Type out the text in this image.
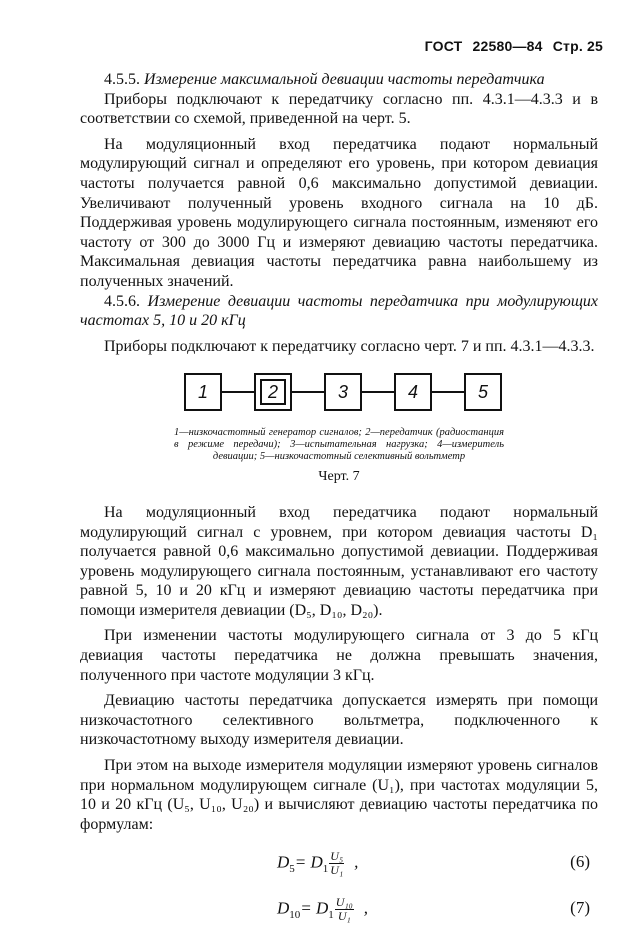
ГОСТ 22580—84 Стр. 25

4.5.5. Измерение максимальной девиации частоты передатчика

Приборы подключают к передатчику согласно пп. 4.3.1—4.3.3 и в соответствии со схемой, приведенной на черт. 5.

На модуляционный вход передатчика подают нормальный модулирующий сигнал и определяют его уровень, при котором девиация частоты получается равной 0,6 максимально допустимой девиации. Увеличивают полученный уровень входного сигнала на 10 дБ. Поддерживая уровень модулирующего сигнала постоянным, изменяют его частоту от 300 до 3000 Гц и измеряют девиацию частоты передатчика. Максимальная девиация частоты передатчика равна наибольшему из полученных значений.

4.5.6. Измерение девиации частоты передатчика при модулирующих частотах 5, 10 и 20 кГц

Приборы подключают к передатчику согласно черт. 7 и пп. 4.3.1—4.3.3.

1	2	3	4	5
1—низкочастотный генератор сигналов; 2—передатчик (радиостанция в режиме передачи); 3—испытательная нагрузка; 4—измеритель девиации; 5—низкочастотный селективный вольтметр
Черт. 7

На модуляционный вход передатчика подают нормальный модулирующий сигнал с уровнем, при котором девиация частоты D₁ получается равной 0,6 максимально допустимой девиации. Поддерживая уровень модулирующего сигнала постоянным, устанавливают его частоту равной 5, 10 и 20 кГц и измеряют девиацию частоты передатчика при помощи измерителя девиации (D₅, D₁₀, D₂₀).

При изменении частоты модулирующего сигнала от 3 до 5 кГц девиация частоты передатчика не должна превышать значения, полученного при частоте модуляции 3 кГц.

Девиацию частоты передатчика допускается измерять при помощи низкочастотного селективного вольтметра, подключенного к низкочастотному выходу измерителя девиации.

При этом на выходе измерителя модуляции измеряют уровень сигналов при нормальном модулирующем сигнале (U₁), при частотах модуляции 5, 10 и 20 кГц (U₅, U₁₀, U₂₀) и вычисляют девиацию частоты передатчика по формулам:

$D_5= D_1 \frac{\text{U₅}}{\text{U₁}}$ ,	(6)
$D_{10}= D_1 \frac{\text{U₁₀}}{\text{U₁}}$ ,	(7)
